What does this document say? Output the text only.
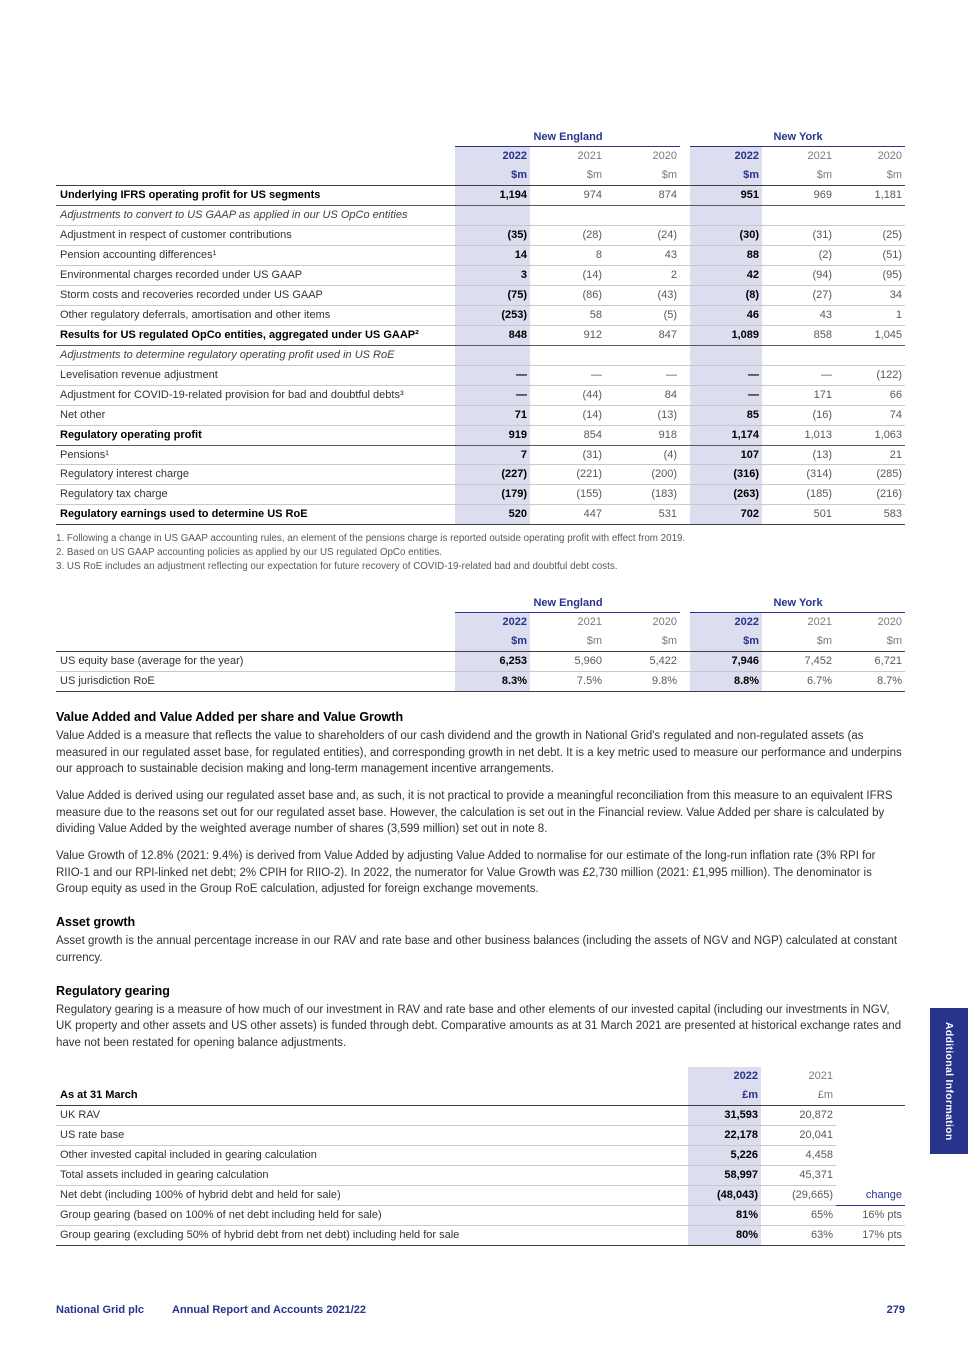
	New England				New York		
	2022	2021	2020		2022	2021	2020
	$m	$m	$m		$m	$m	$m
Underlying IFRS operating profit for US segments	1,194	974	874		951	969	1,181
Adjustments to convert to US GAAP as applied in our US OpCo entities							
Adjustment in respect of customer contributions	(35)	(28)	(24)		(30)	(31)	(25)
Pension accounting differences¹	14	8	43		88	(2)	(51)
Environmental charges recorded under US GAAP	3	(14)	2		42	(94)	(95)
Storm costs and recoveries recorded under US GAAP	(75)	(86)	(43)		(8)	(27)	34
Other regulatory deferrals, amortisation and other items	(253)	58	(5)		46	43	1
Results for US regulated OpCo entities, aggregated under US GAAP²	848	912	847		1,089	858	1,045
Adjustments to determine regulatory operating profit used in US RoE							
Levelisation revenue adjustment	—	—	—		—	—	(122)
Adjustment for COVID-19-related provision for bad and doubtful debts³	—	(44)	84		—	171	66
Net other	71	(14)	(13)		85	(16)	74
Regulatory operating profit	919	854	918		1,174	1,013	1,063
Pensions¹	7	(31)	(4)		107	(13)	21
Regulatory interest charge	(227)	(221)	(200)		(316)	(314)	(285)
Regulatory tax charge	(179)	(155)	(183)		(263)	(185)	(216)
Regulatory earnings used to determine US RoE	520	447	531		702	501	583
1. Following a change in US GAAP accounting rules, an element of the pensions charge is reported outside operating profit with effect from 2019.
2. Based on US GAAP accounting policies as applied by our US regulated OpCo entities.
3. US RoE includes an adjustment reflecting our expectation for future recovery of COVID-19-related bad and doubtful debt costs.
	New England				New York		
	2022	2021	2020		2022	2021	2020
	$m	$m	$m		$m	$m	$m
US equity base (average for the year)	6,253	5,960	5,422		7,946	7,452	6,721
US jurisdiction RoE	8.3%	7.5%	9.8%		8.8%	6.7%	8.7%
Value Added and Value Added per share and Value Growth

Value Added is a measure that reflects the value to shareholders of our cash dividend and the growth in National Grid's regulated and non-regulated assets (as measured in our regulated asset base, for regulated entities), and corresponding growth in net debt. It is a key metric used to measure our performance and underpins our approach to sustainable decision making and long-term management incentive arrangements.

Value Added is derived using our regulated asset base and, as such, it is not practical to provide a meaningful reconciliation from this measure to an equivalent IFRS measure due to the reasons set out for our regulated asset base. However, the calculation is set out in the Financial review. Value Added per share is calculated by dividing Value Added by the weighted average number of shares (3,599 million) set out in note 8.

Value Growth of 12.8% (2021: 9.4%) is derived from Value Added by adjusting Value Added to normalise for our estimate of the long-run inflation rate (3% RPI for RIIO-1 and our RPI-linked net debt; 2% CPIH for RIIO-2). In 2022, the numerator for Value Growth was £2,730 million (2021: £1,995 million). The denominator is Group equity as used in the Group RoE calculation, adjusted for foreign exchange movements.

Asset growth

Asset growth is the annual percentage increase in our RAV and rate base and other business balances (including the assets of NGV and NGP) calculated at constant currency.

Regulatory gearing

Regulatory gearing is a measure of how much of our investment in RAV and rate base and other elements of our invested capital (including our investments in NGV, UK property and other assets and US other assets) is funded through debt. Comparative amounts as at 31 March 2021 are presented at historical exchange rates and have not been restated for opening balance adjustments.

	2022	2021	
As at 31 March	£m	£m	
UK RAV	31,593	20,872	
US rate base	22,178	20,041	
Other invested capital included in gearing calculation	5,226	4,458	
Total assets included in gearing calculation	58,997	45,371	
Net debt (including 100% of hybrid debt and held for sale)	(48,043)	(29,665)	change
Group gearing (based on 100% of net debt including held for sale)	81%	65%	16% pts
Group gearing (excluding 50% of hybrid debt from net debt) including held for sale	80%	63%	17% pts
Additional Information
National Grid plc	Annual Report and Accounts 2021/22	279
